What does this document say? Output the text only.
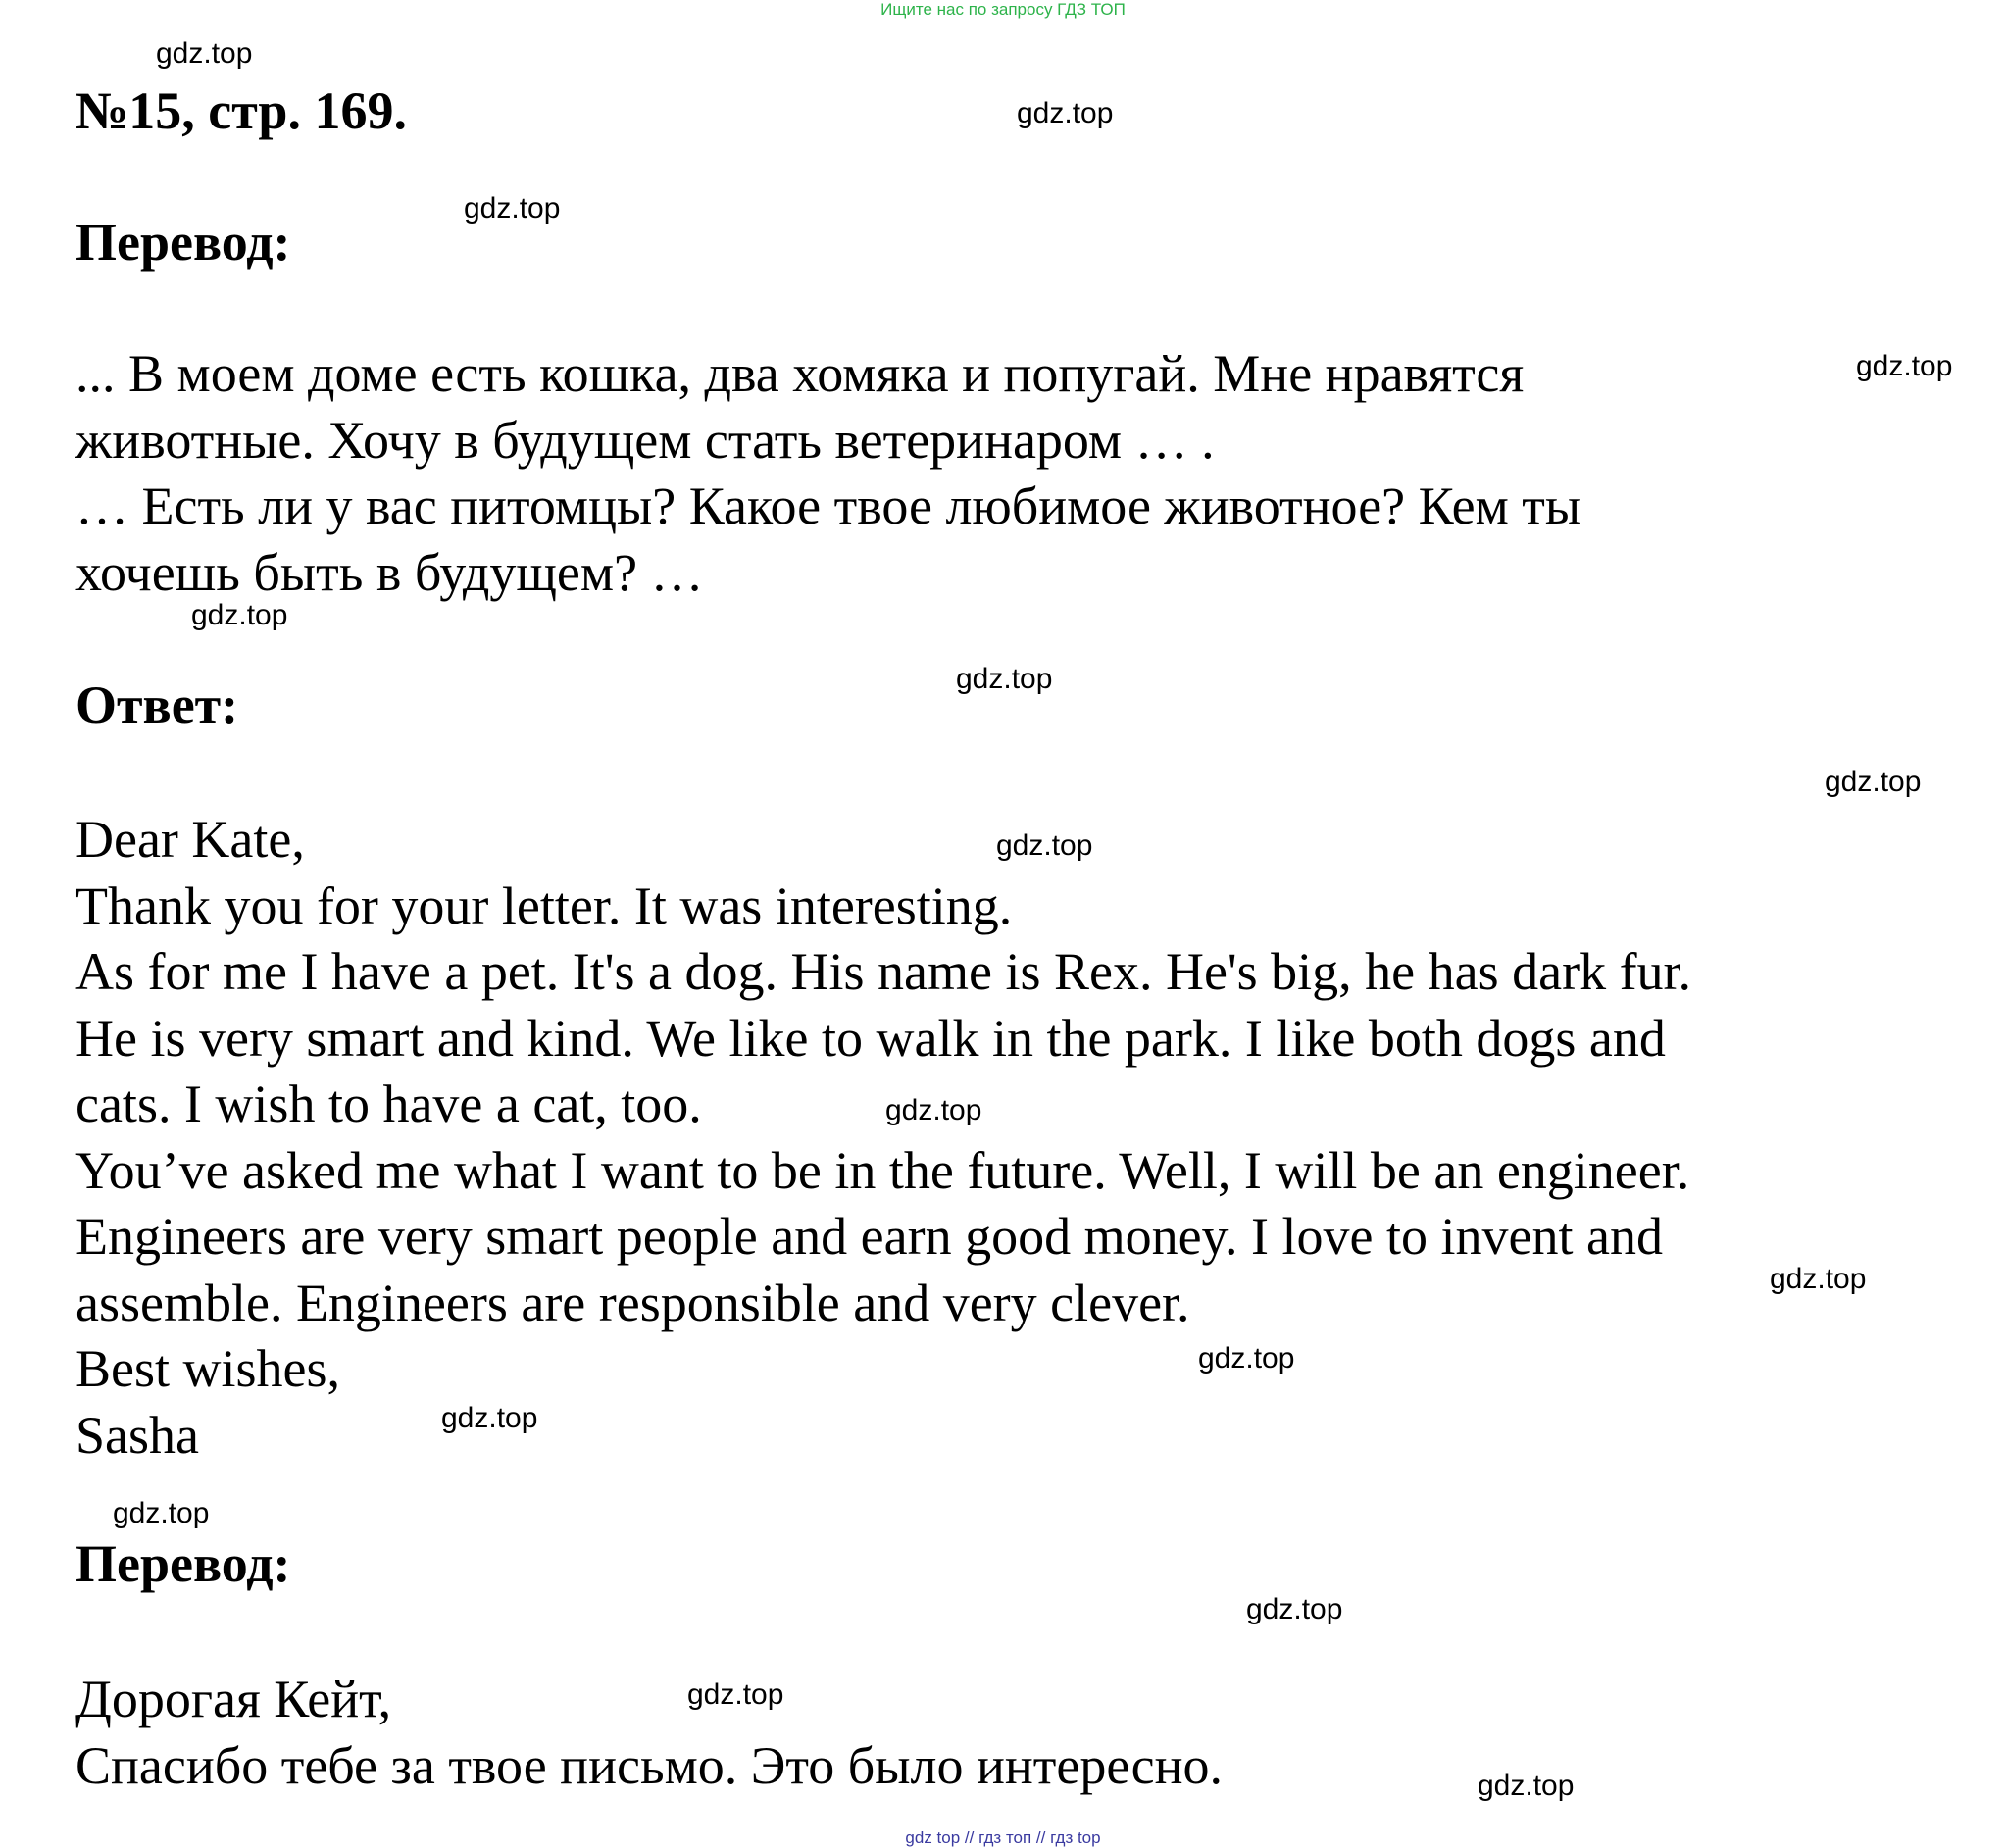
Ищите нас по запросу ГДЗ ТОП
№15, стр. 169.
Перевод:
... В моем доме есть кошка, два хомяка и попугай. Мне нравятся
животные. Хочу в будущем стать ветеринаром … .
… Есть ли у вас питомцы? Какое твое любимое животное? Кем ты
хочешь быть в будущем? …
Ответ:
Dear Kate,
Thank you for your letter. It was interesting.
As for me I have a pet. It's a dog. His name is Rex. He's big, he has dark fur.
He is very smart and kind. We like to walk in the park. I like both dogs and
cats. I wish to have a cat, too.
You’ve asked me what I want to be in the future. Well, I will be an engineer.
Engineers are very smart people and earn good money. I love to invent and
assemble. Engineers are responsible and very clever.
Best wishes,
Sasha
Перевод:
Дорогая Кейт,
Спасибо тебе за твое письмо. Это было интересно.
gdz.top
gdz.top
gdz.top
gdz.top
gdz.top
gdz.top
gdz.top
gdz.top
gdz.top
gdz.top
gdz.top
gdz.top
gdz.top
gdz.top
gdz.top
gdz.top
gdz top // гдз топ // гдз top
